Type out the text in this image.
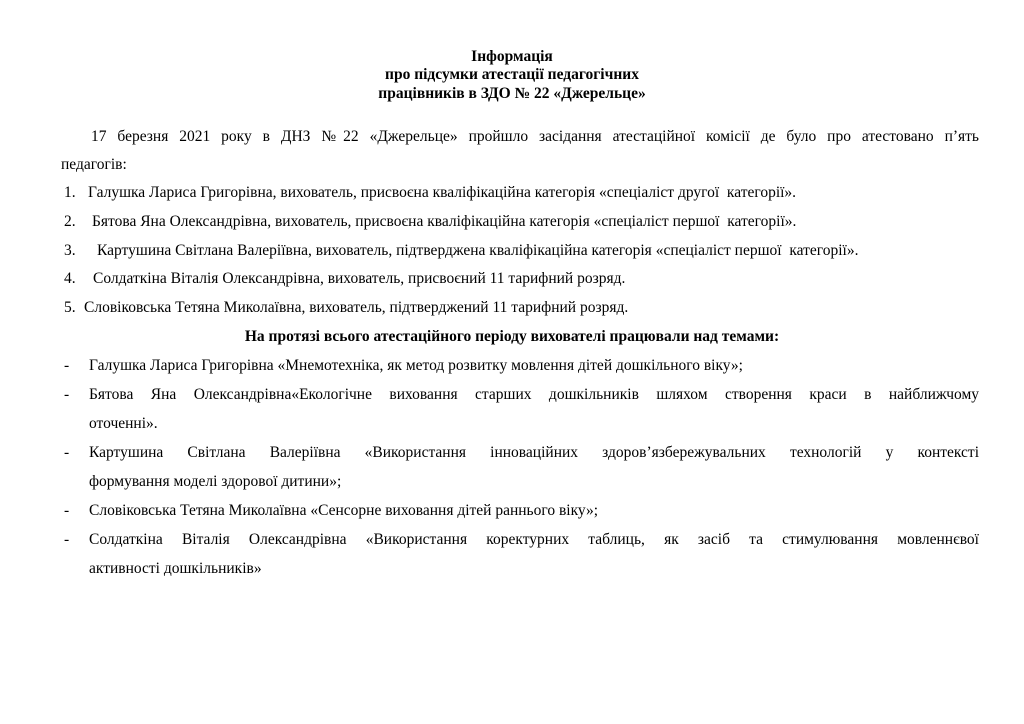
Інформація
про підсумки атестації педагогічних
працівників в ЗДО № 22 «Джерельце»
17 березня 2021 року в ДНЗ №22 «Джерельце» пройшло засідання атестаційної комісії де було про атестовано п’ять
педагогів:
1. Галушка Лариса Григорівна, вихователь, присвоєна кваліфікаційна категорія «спеціаліст другої  категорії».
2. Бятова Яна Олександрівна, вихователь, присвоєна кваліфікаційна категорія «спеціаліст першої  категорії».
3. Картушина Світлана Валеріївна, вихователь, підтверджена кваліфікаційна категорія «спеціаліст першої  категорії».
4. Солдаткіна Віталія Олександрівна, вихователь, присвоєний 11 тарифний розряд.
5. Словіковська Тетяна Миколаївна, вихователь, підтверджений 11 тарифний розряд.
На протязі всього атестаційного періоду вихователі працювали над темами:
- Галушка Лариса Григорівна «Мнемотехніка, як метод розвитку мовлення дітей дошкільного віку»;
- Бятова Яна Олександрівна«Екологічне виховання старших дошкільників шляхом створення краси в найближчому
оточенні».
- Картушина Світлана Валеріївна «Використання інноваційних здоров’язбережувальних технологій у контексті
формування моделі здорової дитини»;
- Словіковська Тетяна Миколаївна «Сенсорне виховання дітей раннього віку»;
- Солдаткіна Віталія Олександрівна «Використання коректурних таблиць, як засіб та стимулювання мовленнєвої
активності дошкільників»
